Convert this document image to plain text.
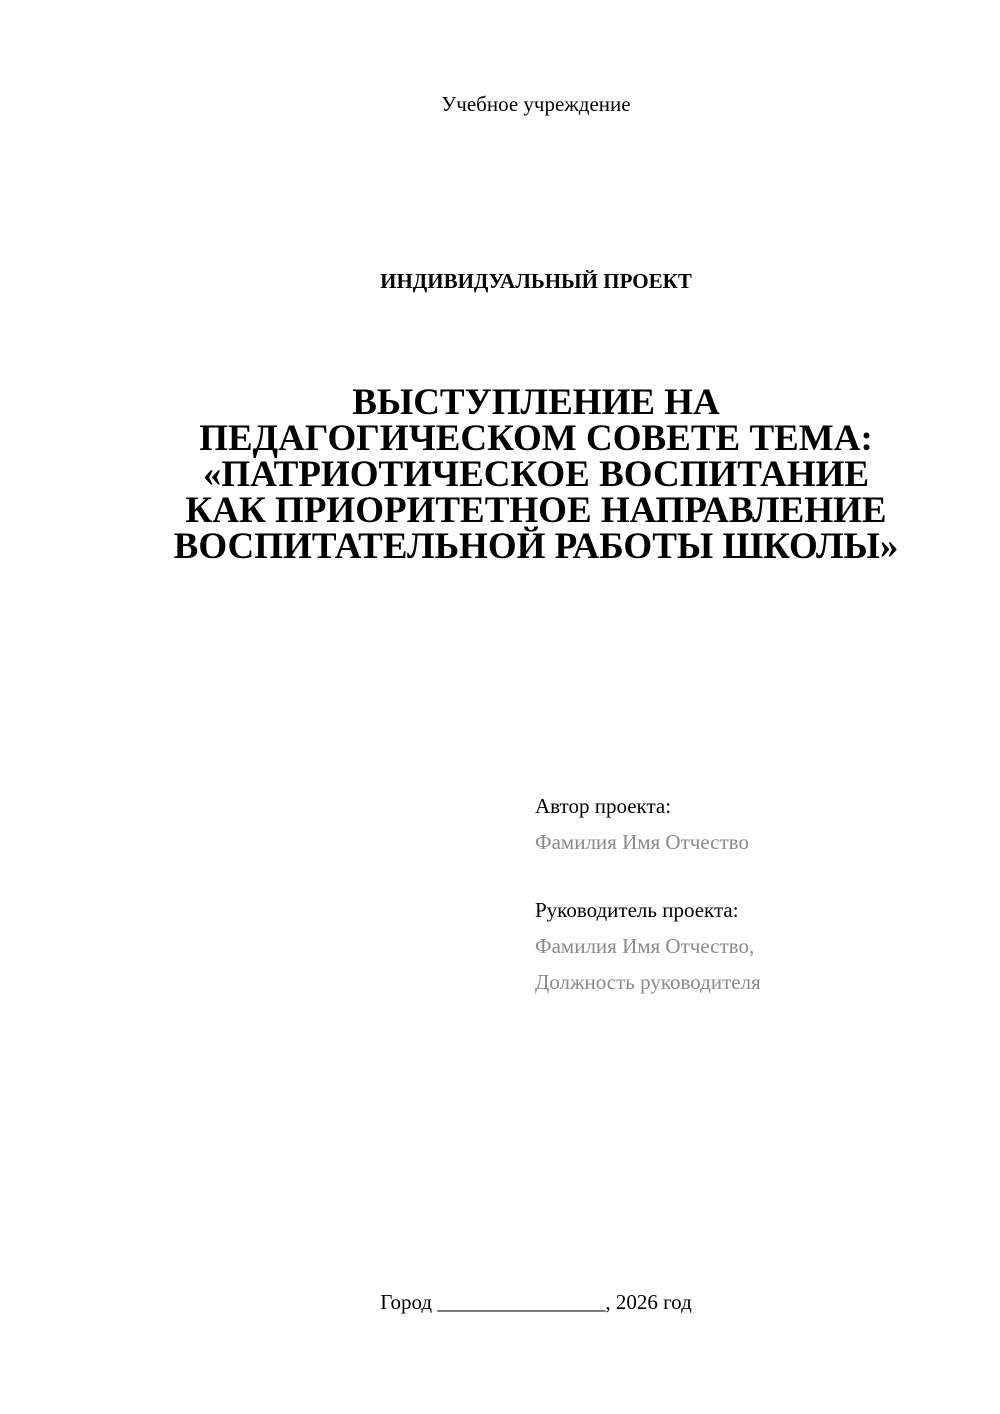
Учебное учреждение
ИНДИВИДУАЛЬНЫЙ ПРОЕКТ
ВЫСТУПЛЕНИЕ НА
ПЕДАГОГИЧЕСКОМ СОВЕТЕ ТЕМА:
«ПАТРИОТИЧЕСКОЕ ВОСПИТАНИЕ
КАК ПРИОРИТЕТНОЕ НАПРАВЛЕНИЕ
ВОСПИТАТЕЛЬНОЙ РАБОТЫ ШКОЛЫ»
Автор проекта:
Фамилия Имя Отчество
Руководитель проекта:
Фамилия Имя Отчество,
Должность руководителя
Город ________________, 2026 год
